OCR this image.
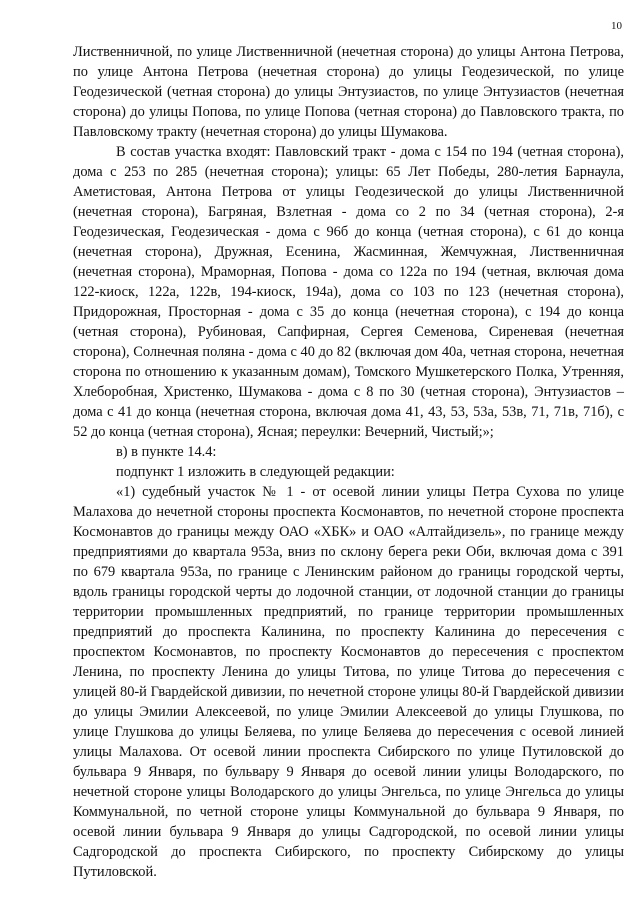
10

Лиственничной, по улице Лиственничной (нечетная сторона) до улицы Антона Петрова, по улице Антона Петрова (нечетная сторона) до улицы Геодезической, по улице Геодезической (четная сторона) до улицы Энтузиастов, по улице Энтузиастов (нечетная сторона) до улицы Попова, по улице Попова (четная сторона) до Павловского тракта, по Павловскому тракту (нечетная сторона) до улицы Шумакова.

В состав участка входят: Павловский тракт - дома с 154 по 194 (четная сторона), дома с 253 по 285 (нечетная сторона); улицы: 65 Лет Победы, 280-летия Барнаула, Аметистовая, Антона Петрова от улицы Геодезической до улицы Лиственничной (нечетная сторона), Багряная, Взлетная - дома со 2 по 34 (четная сторона), 2-я Геодезическая, Геодезическая - дома с 96б до конца (четная сторона), с 61 до конца (нечетная сторона), Дружная, Есенина, Жасминная, Жемчужная, Лиственничная (нечетная сторона), Мраморная, Попова - дома со 122а по 194 (четная, включая дома 122-киоск, 122а, 122в, 194-киоск, 194а), дома со 103 по 123 (нечетная сторона), Придорожная, Просторная - дома с 35 до конца (нечетная сторона), с 194 до конца (четная сторона), Рубиновая, Сапфирная, Сергея Семенова, Сиреневая (нечетная сторона), Солнечная поляна - дома с 40 до 82 (включая дом 40а, четная сторона, нечетная сторона по отношению к указанным домам), Томского Мушкетерского Полка, Утренняя, Хлеборобная, Христенко, Шумакова - дома с 8 по 30 (четная сторона), Энтузиастов – дома с 41 до конца (нечетная сторона, включая дома 41, 43, 53, 53а, 53в, 71, 71в, 71б), с 52 до конца (четная сторона), Ясная; переулки: Вечерний, Чистый;»;

в) в пункте 14.4:

подпункт 1 изложить в следующей редакции:

«1) судебный участок № 1 - от осевой линии улицы Петра Сухова по улице Малахова до нечетной стороны проспекта Космонавтов, по нечетной стороне проспекта Космонавтов до границы между ОАО «ХБК» и ОАО «Алтайдизель», по границе между предприятиями до квартала 953а, вниз по склону берега реки Оби, включая дома с 391 по 679 квартала 953а, по границе с Ленинским районом до границы городской черты, вдоль границы городской черты до лодочной станции, от лодочной станции до границы территории промышленных предприятий, по границе территории промышленных предприятий до проспекта Калинина, по проспекту Калинина до пересечения с проспектом Космонавтов, по проспекту Космонавтов до пересечения с проспектом Ленина, по проспекту Ленина до улицы Титова, по улице Титова до пересечения с улицей 80-й Гвардейской дивизии, по нечетной стороне улицы 80-й Гвардейской дивизии до улицы Эмилии Алексеевой, по улице Эмилии Алексеевой до улицы Глушкова, по улице Глушкова до улицы Беляева, по улице Беляева до пересечения с осевой линией улицы Малахова. От осевой линии проспекта Сибирского по улице Путиловской до бульвара 9 Января, по бульвару 9 Января до осевой линии улицы Володарского, по нечетной стороне улицы Володарского до улицы Энгельса, по улице Энгельса до улицы Коммунальной, по четной стороне улицы Коммунальной до бульвара 9 Января, по осевой линии бульвара 9 Января до улицы Садгородской, по осевой линии улицы Садгородской до проспекта Сибирского, по проспекту Сибирскому до улицы Путиловской.
